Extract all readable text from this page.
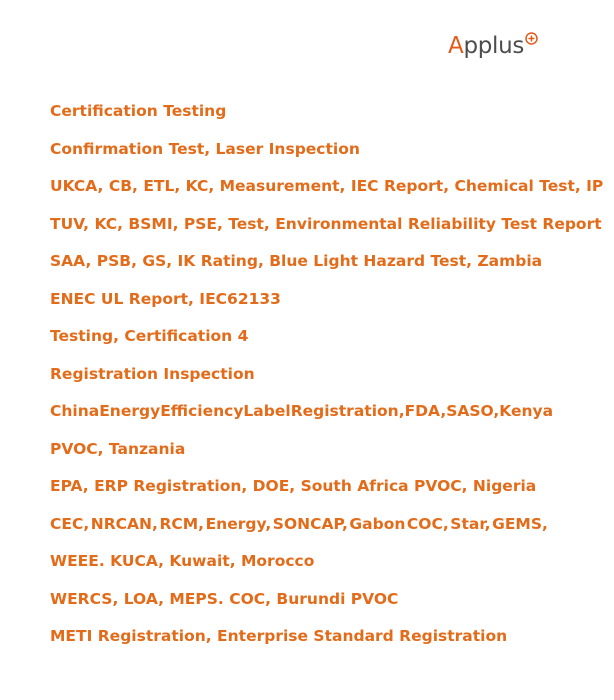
Applus
Certification Testing
Confirmation Test, Laser Inspection
UKCA, CB, ETL, KC, Measurement, IEC Report, Chemical Test, IP
TUV, KC, BSMI, PSE, Test, Environmental Reliability Test Report
SAA, PSB, GS, IK Rating, Blue Light Hazard Test, Zambia
ENEC UL Report, IEC62133
Testing, Certification 4
Registration Inspection
China Energy Efficiency Label Registration, FDA, SASO, Kenya
PVOC, Tanzania
EPA, ERP Registration, DOE, South Africa PVOC, Nigeria
CEC, NRCAN, RCM, Energy, SONCAP, Gabon COC, Star, GEMS,
WEEE. KUCA, Kuwait, Morocco
WERCS, LOA, MEPS. COC, Burundi PVOC
METI Registration, Enterprise Standard Registration
